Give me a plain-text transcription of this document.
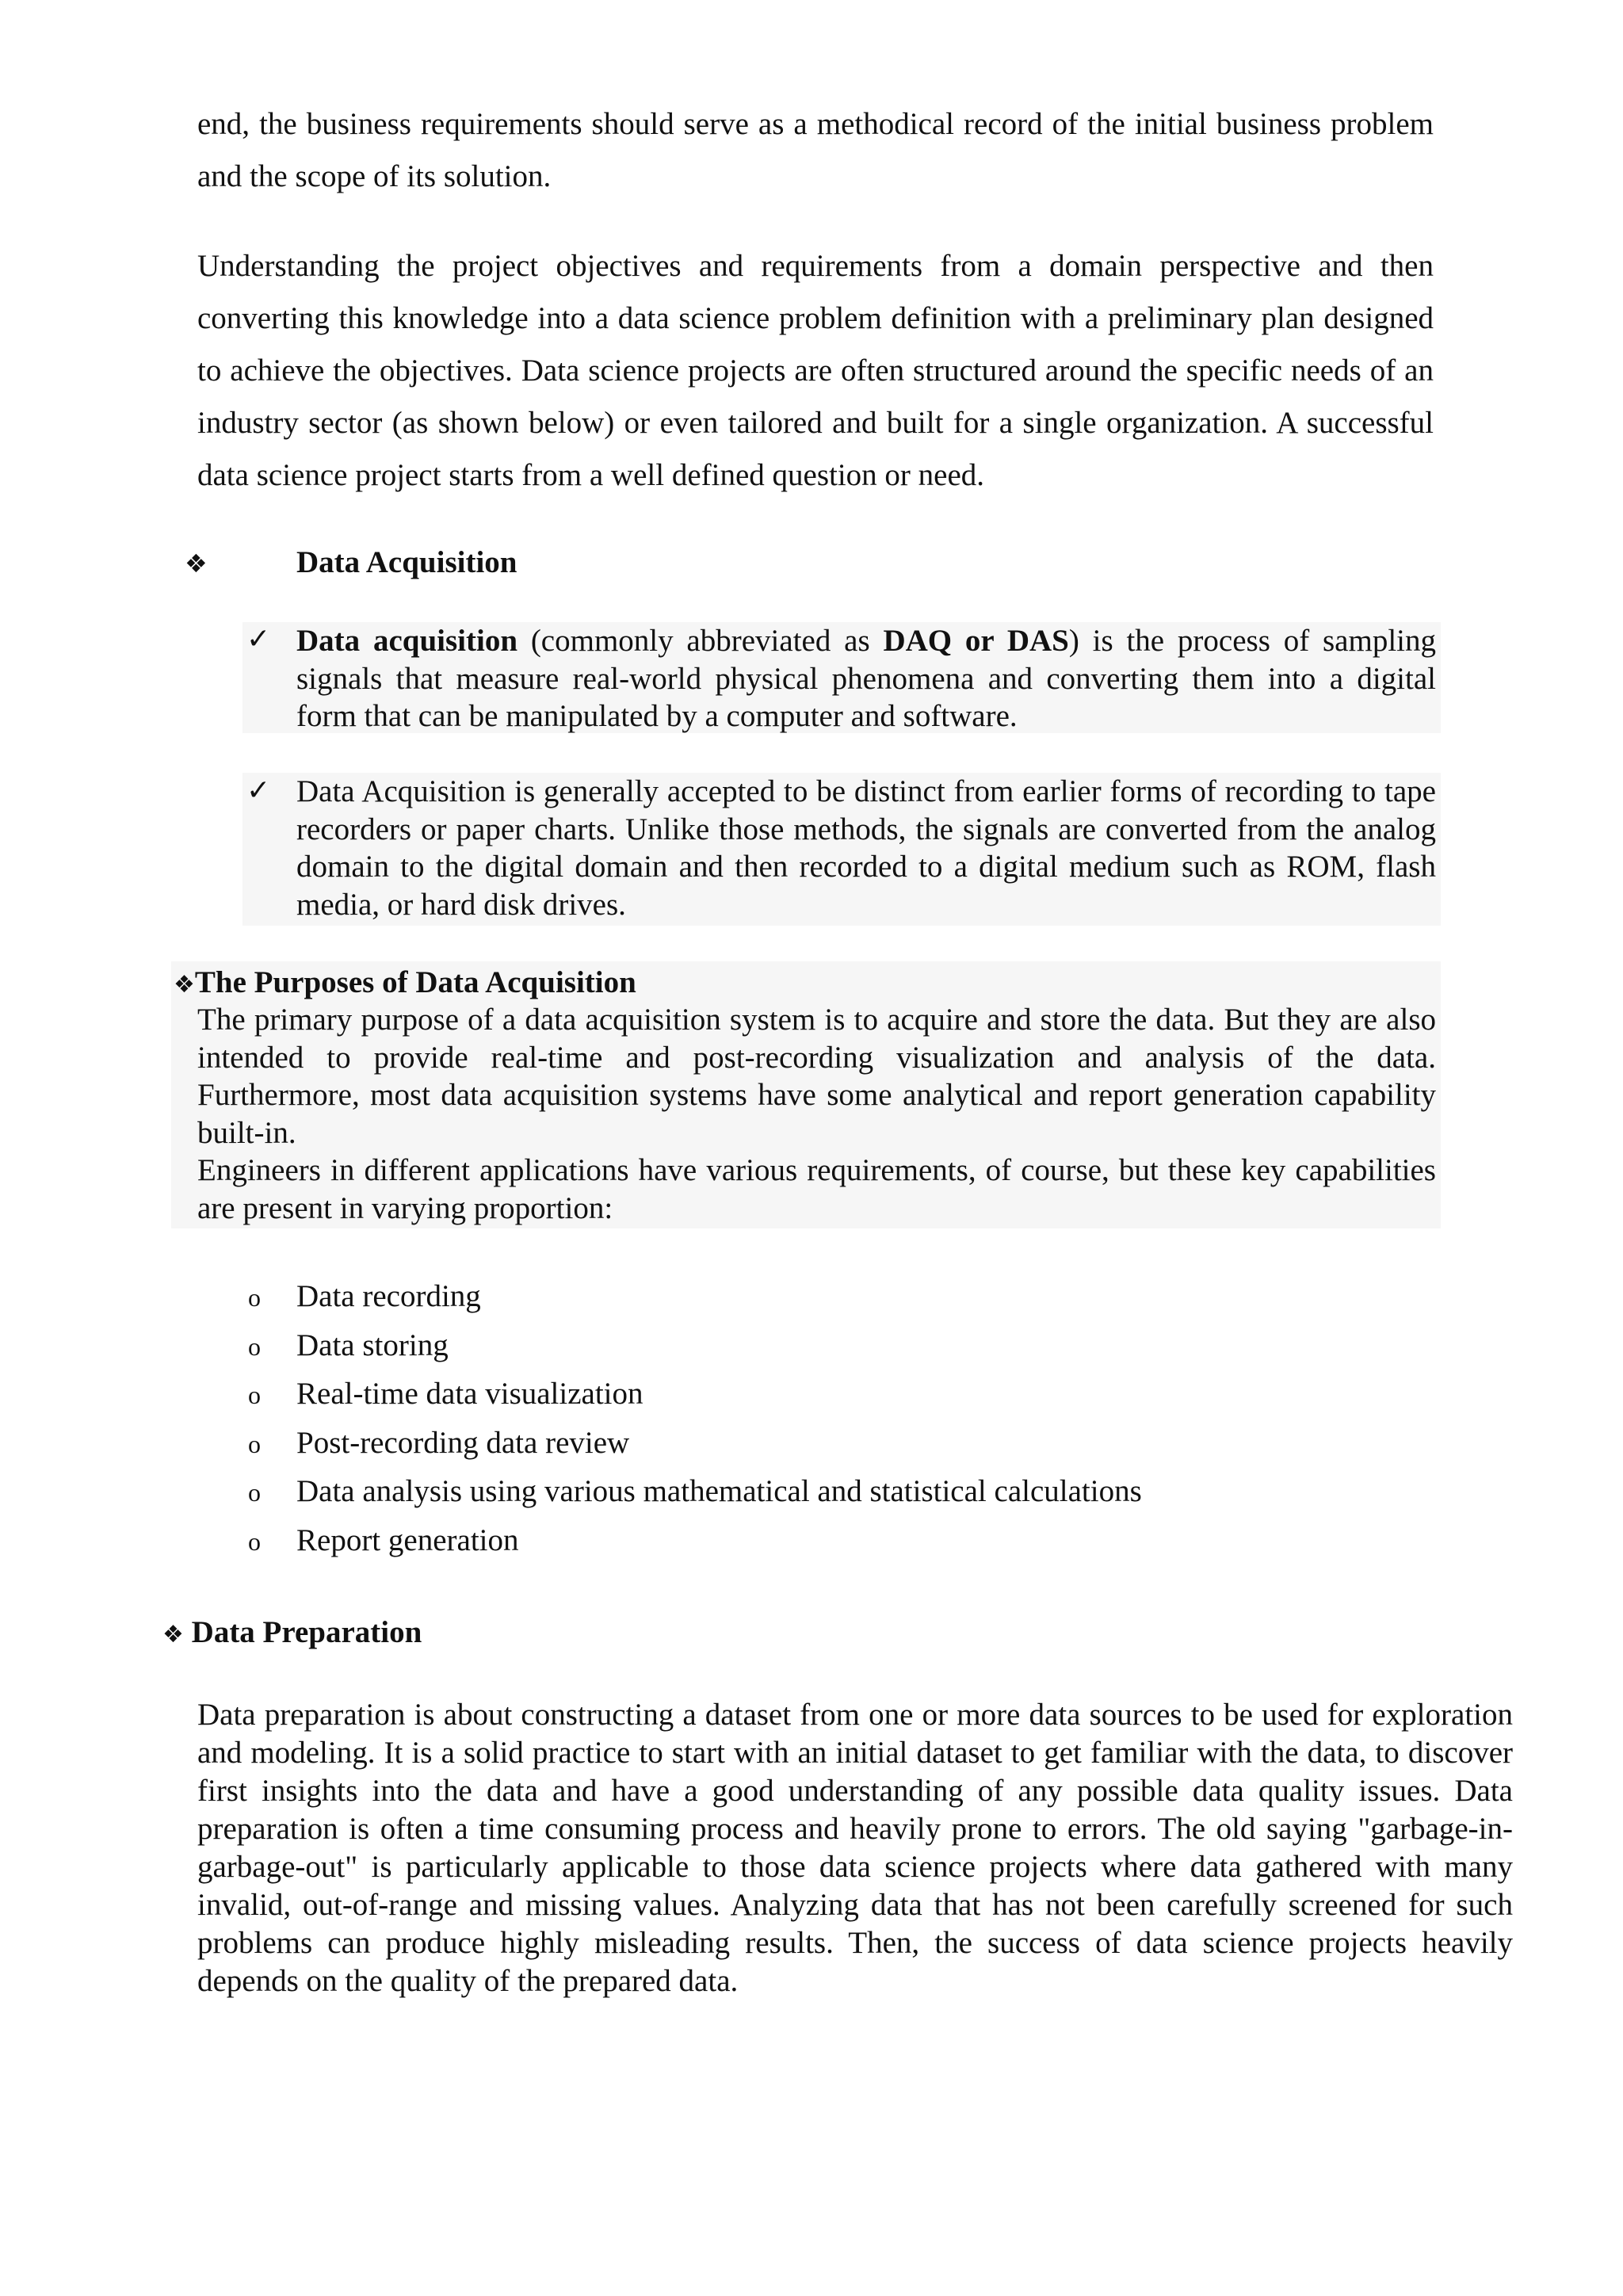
end, the business requirements should serve as a methodical record of the initial business problem and the scope of its solution.

Understanding the project objectives and requirements from a domain perspective and then converting this knowledge into a data science problem definition with a preliminary plan designed to achieve the objectives. Data science projects are often structured around the specific needs of an industry sector (as shown below) or even tailored and built for a single organization. A successful data science project starts from a well defined question or need.

❖	Data Acquisition
✓ Data acquisition (commonly abbreviated as DAQ or DAS) is the process of sampling signals that measure real-world physical phenomena and converting them into a digital form that can be manipulated by a computer and software.

✓ Data Acquisition is generally accepted to be distinct from earlier forms of recording to tape recorders or paper charts. Unlike those methods, the signals are converted from the analog domain to the digital domain and then recorded to a digital medium such as ROM, flash media, or hard disk drives.

❖The Purposes of Data Acquisition

The primary purpose of a data acquisition system is to acquire and store the data. But they are also intended to provide real-time and post-recording visualization and analysis of the data. Furthermore, most data acquisition systems have some analytical and report generation capability built-in.

Engineers in different applications have various requirements, of course, but these key capabilities are present in varying proportion:

o Data recording
o Data storing
o Real-time data visualization
o Post-recording data review
o Data analysis using various mathematical and statistical calculations
o Report generation
❖ Data Preparation

Data preparation is about constructing a dataset from one or more data sources to be used for exploration and modeling. It is a solid practice to start with an initial dataset to get familiar with the data, to discover first insights into the data and have a good understanding of any possible data quality issues. Data preparation is often a time consuming process and heavily prone to errors. The old saying "garbage-in-garbage-out" is particularly applicable to those data science projects where data gathered with many invalid, out-of-range and missing values. Analyzing data that has not been carefully screened for such problems can produce highly misleading results. Then, the success of data science projects heavily depends on the quality of the prepared data.
